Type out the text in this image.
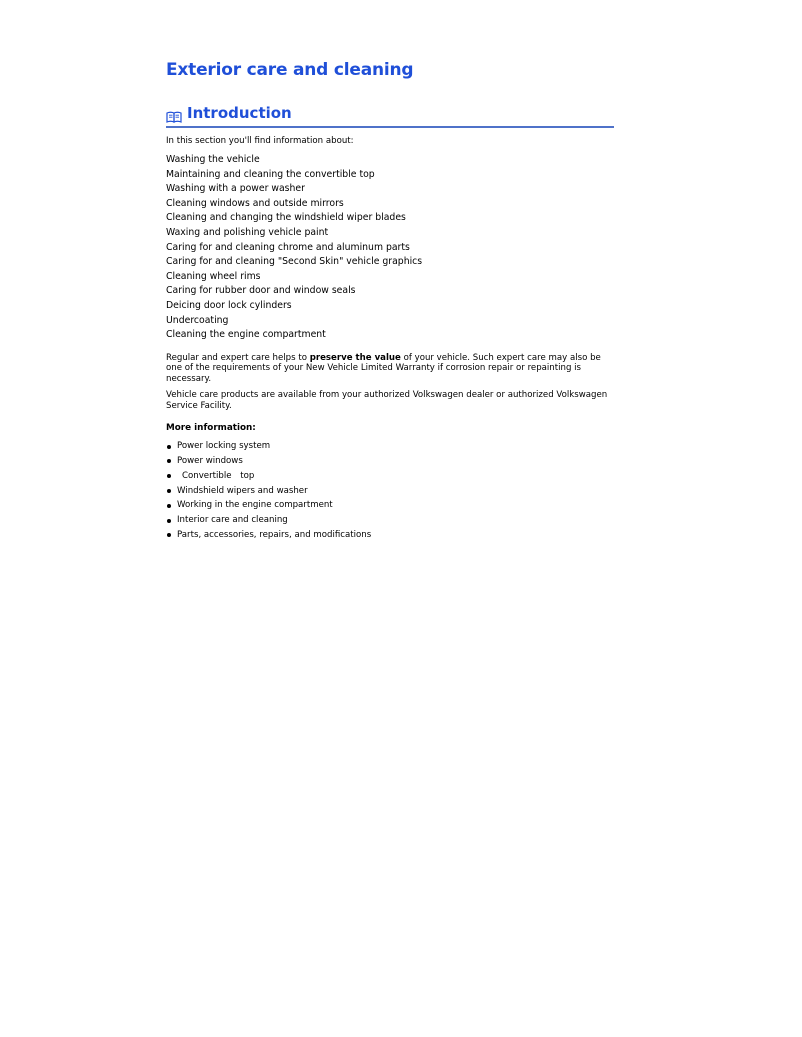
Exterior care and cleaning
Introduction
In this section you'll find information about:
Washing the vehicle
Maintaining and cleaning the convertible top
Washing with a power washer
Cleaning windows and outside mirrors
Cleaning and changing the windshield wiper blades
Waxing and polishing vehicle paint
Caring for and cleaning chrome and aluminum parts
Caring for and cleaning "Second Skin" vehicle graphics
Cleaning wheel rims
Caring for rubber door and window seals
Deicing door lock cylinders
Undercoating
Cleaning the engine compartment

Regular and expert care helps to preserve the value of your vehicle. Such expert care may also be one of the requirements of your New Vehicle Limited Warranty if corrosion repair or repainting is necessary.

Vehicle care products are available from your authorized Volkswagen dealer or authorized Volkswagen Service Facility.

More information:
Power locking system
Power windows
Convertible top
Windshield wipers and washer
Working in the engine compartment
Interior care and cleaning
Parts, accessories, repairs, and modifications
